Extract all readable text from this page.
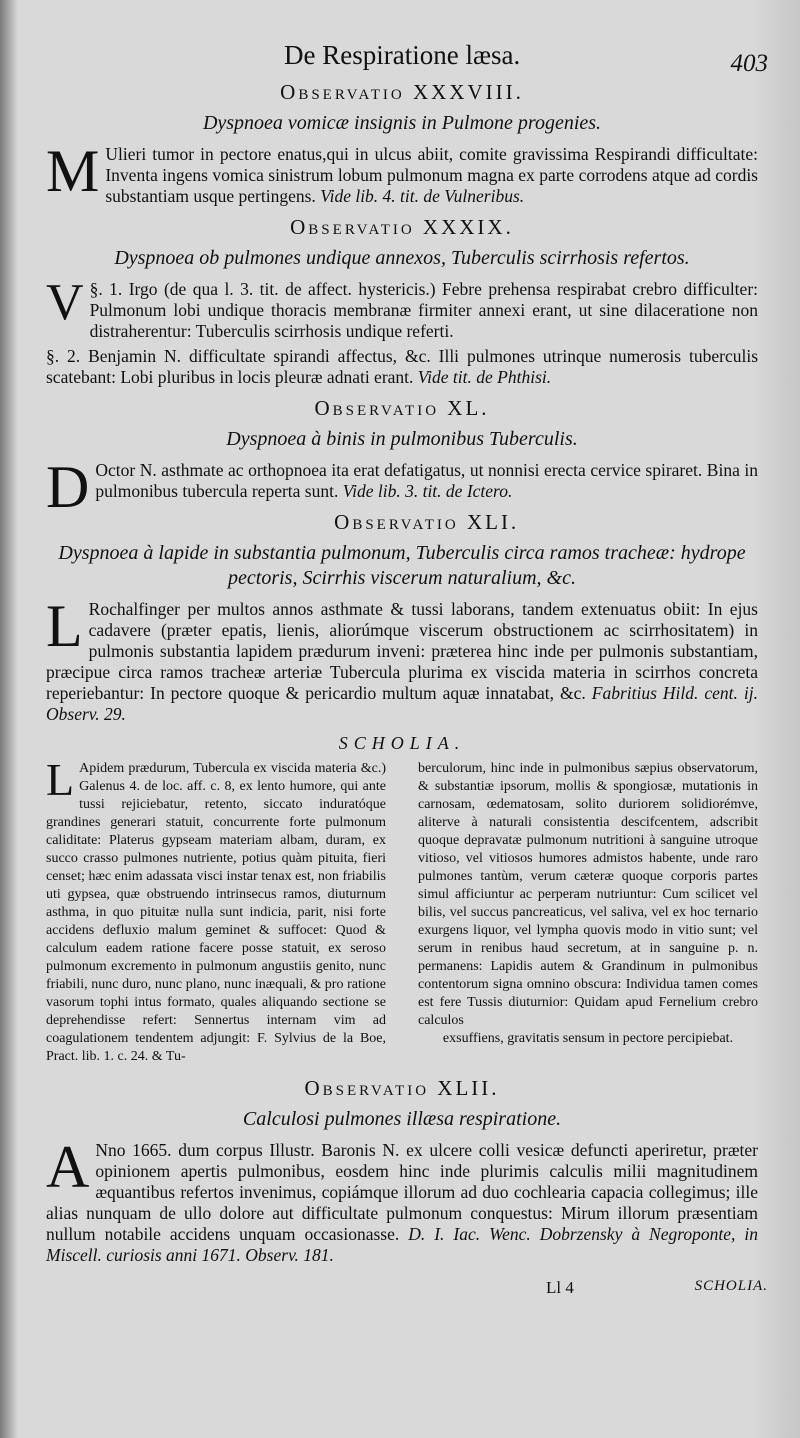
De Respiratione læsa.	403
Observatio XXXVIII.
Dyspnoea vomicæ insignis in Pulmone progenies.

M Ulieri tumor in pectore enatus,qui in ulcus abiit, comite gravissima Respirandi difficultate: Inventa ingens vomica sinistrum lobum pulmonum magna ex parte corrodens atque ad cordis substantiam usque pertingens. Vide lib. 4. tit. de Vulneribus.

Observatio XXXIX.
Dyspnoea ob pulmones undique annexos, Tuberculis scirrhosis refertos.

§. 1.
V	Irgo (de qua l. 3. tit. de affect. hystericis.) Febre prehensa respirabat crebro difficulter: Pulmonum lobi undique thoracis membranæ firmiter annexi erant, ut sine dilaceratione non distraherentur: Tuberculis scirrhosis undique referti.

§. 2. Benjamin N. difficultate spirandi affectus, &c. Illi pulmones utrinque numerosis tuberculis scatebant: Lobi pluribus in locis pleuræ adnati erant. Vide tit. de Phthisi.

Observatio XL.
Dyspnoea à binis in pulmonibus Tuberculis.

D Octor N. asthmate ac orthopnoea ita erat defatigatus, ut nonnisi erecta cervice spiraret. Bina in pulmonibus tubercula reperta sunt. Vide lib. 3. tit. de Ictero.

Observatio XLI.
Dyspnoea à lapide in substantia pulmonum, Tuberculis circa ramos tracheæ: hydrope pectoris, Scirrhis viscerum naturalium, &c.

L Rochalfinger per multos annos asthmate & tussi laborans, tandem extenuatus obiit: In ejus cadavere (præter epatis, lienis, aliorúmque viscerum obstructionem ac scirrhositatem) in pulmonis substantia lapidem prædurum inveni: præterea hinc inde per pulmonis substantiam, præcipue circa ramos tracheæ arteriæ Tubercula plurima ex viscida materia in scirrhos concreta reperiebantur: In pectore quoque & pericardio multum aquæ innatabat, &c. Fabritius Hild. cent. ij. Observ. 29.

SCHOLIA.
L Apidem prædurum, Tubercula ex viscida materia &c.) Galenus 4. de loc. aff. c. 8, ex lento humore, qui ante tussi rejiciebatur, retento, siccato induratóque grandines generari statuit, concurrente forte pulmonum caliditate: Platerus gypseam materiam albam, duram, ex succo crasso pulmones nutriente, potius quàm pituita, fieri censet; hæc enim adassata visci instar tenax est, non friabilis uti gypsea, quæ obstruendo intrinsecus ramos, diuturnum asthma, in quo pituitæ nulla sunt indicia, parit, nisi forte accidens defluxio malum geminet & suffocet: Quod & calculum eadem ratione facere posse statuit, ex seroso pulmonum excremento in pulmonum angustiis genito, nunc friabili, nunc duro, nunc plano, nunc inæquali, & pro ratione vasorum tophi intus formato, quales aliquando sectione se deprehendisse refert: Sennertus internam vim ad coagulationem tendentem adjungit: F. Sylvius de la Boe, Pract. lib. 1. c. 24. & Tu-
berculorum, hinc inde in pulmonibus sæpius observatorum, & substantiæ ipsorum, mollis & spongiosæ, mutationis in carnosam, œdematosam, solito duriorem solidiorémve, aliterve à naturali consistentia descifcentem, adscribit quoque depravatæ pulmonum nutritioni à sanguine utroque vitioso, vel vitiosos humores admistos habente, unde raro pulmones tantùm, verum cæteræ quoque corporis partes simul afficiuntur ac perperam nutriuntur: Cum scilicet vel bilis, vel succus pancreaticus, vel saliva, vel ex hoc ternario exurgens liquor, vel lympha quovis modo in vitio sunt; vel serum in renibus haud secretum, at in sanguine p. n. permanens: Lapidis autem & Grandinum in pulmonibus contentorum signa omnino obscura: Individua tamen comes est fere Tussis diuturnior: Quidam apud Fernelium crebro calculos
exsuffiens, gravitatis sensum in pectore percipiebat.
Observatio XLII.
Calculosi pulmones illæsa respiratione.

A Nno 1665. dum corpus Illustr. Baronis N. ex ulcere colli vesicæ defuncti aperiretur, præter opinionem apertis pulmonibus, eosdem hinc inde plurimis calculis milii magnitudinem æquantibus refertos invenimus, copiámque illorum ad duo cochlearia capacia collegimus; ille alias nunquam de ullo dolore aut difficultate pulmonum conquestus: Mirum illorum præsentiam nullum notabile accidens unquam occasionasse. D. I. Iac. Wenc. Dobrzensky à Negroponte, in Miscell. curiosis anni 1671. Observ. 181.

Ll 4	SCHOLIA.
